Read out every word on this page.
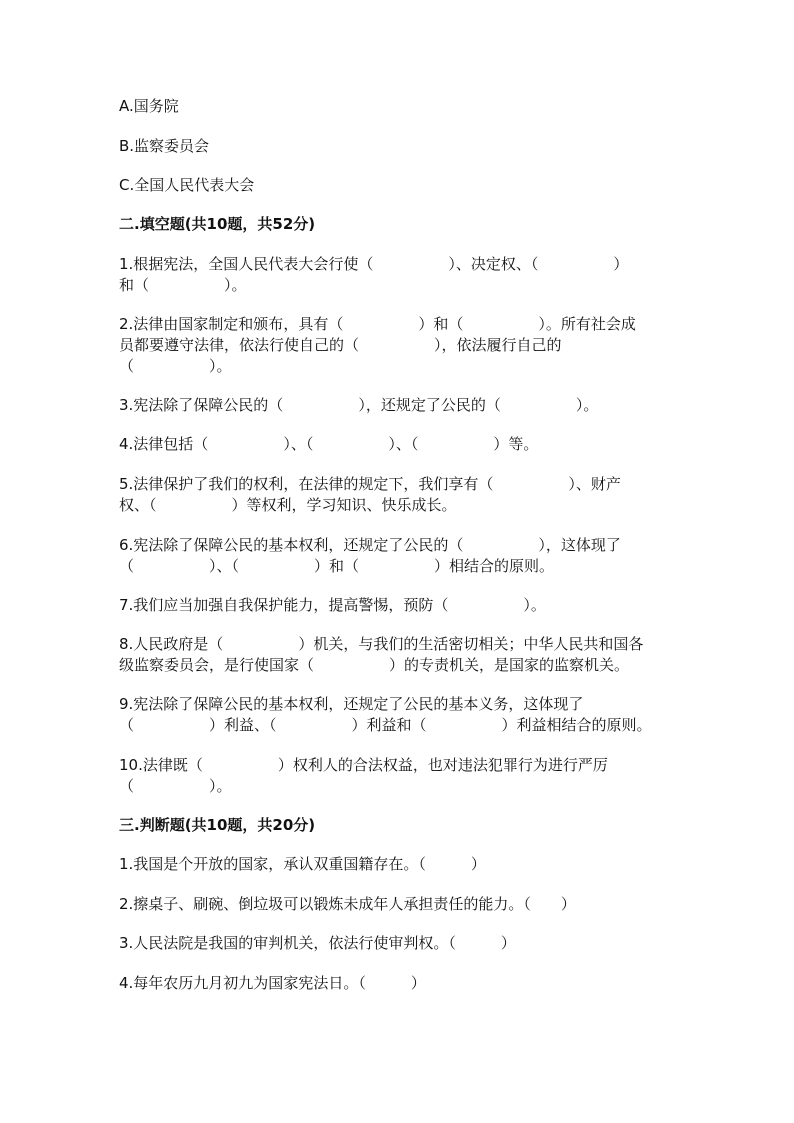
A.国务院
B.监察委员会
C.全国人民代表大会
二.填空题(共10题，共52分)
1.根据宪法，全国人民代表大会行使（　　　　　）、决定权、（　　　　　）
和（　　　　　）。
2.法律由国家制定和颁布，具有（　　　　　）和（　　　　　）。所有社会成
员都要遵守法律，依法行使自己的（　　　　　），依法履行自己的
（　　　　　）。
3.宪法除了保障公民的（　　　　　），还规定了公民的（　　　　　）。
4.法律包括（　　　　　）、（　　　　　）、（　　　　　）等。
5.法律保护了我们的权利，在法律的规定下，我们享有（　　　　　）、财产
权、（　　　　　）等权利，学习知识、快乐成长。
6.宪法除了保障公民的基本权利，还规定了公民的（　　　　　），这体现了
（　　　　　）、（　　　　　）和（　　　　　）相结合的原则。
7.我们应当加强自我保护能力，提高警惕，预防（　　　　　）。
8.人民政府是（　　　　　）机关，与我们的生活密切相关；中华人民共和国各
级监察委员会，是行使国家（　　　　　）的专责机关，是国家的监察机关。
9.宪法除了保障公民的基本权利，还规定了公民的基本义务，这体现了
（　　　　　）利益、（　　　　　）利益和（　　　　　）利益相结合的原则。
10.法律既（　　　　　）权利人的合法权益，也对违法犯罪行为进行严厉
（　　　　　）。
三.判断题(共10题，共20分)
1.我国是个开放的国家，承认双重国籍存在。（　　　）
2.擦桌子、刷碗、倒垃圾可以锻炼未成年人承担责任的能力。（　　）
3.人民法院是我国的审判机关，依法行使审判权。（　　　）
4.每年农历九月初九为国家宪法日。（　　　）
